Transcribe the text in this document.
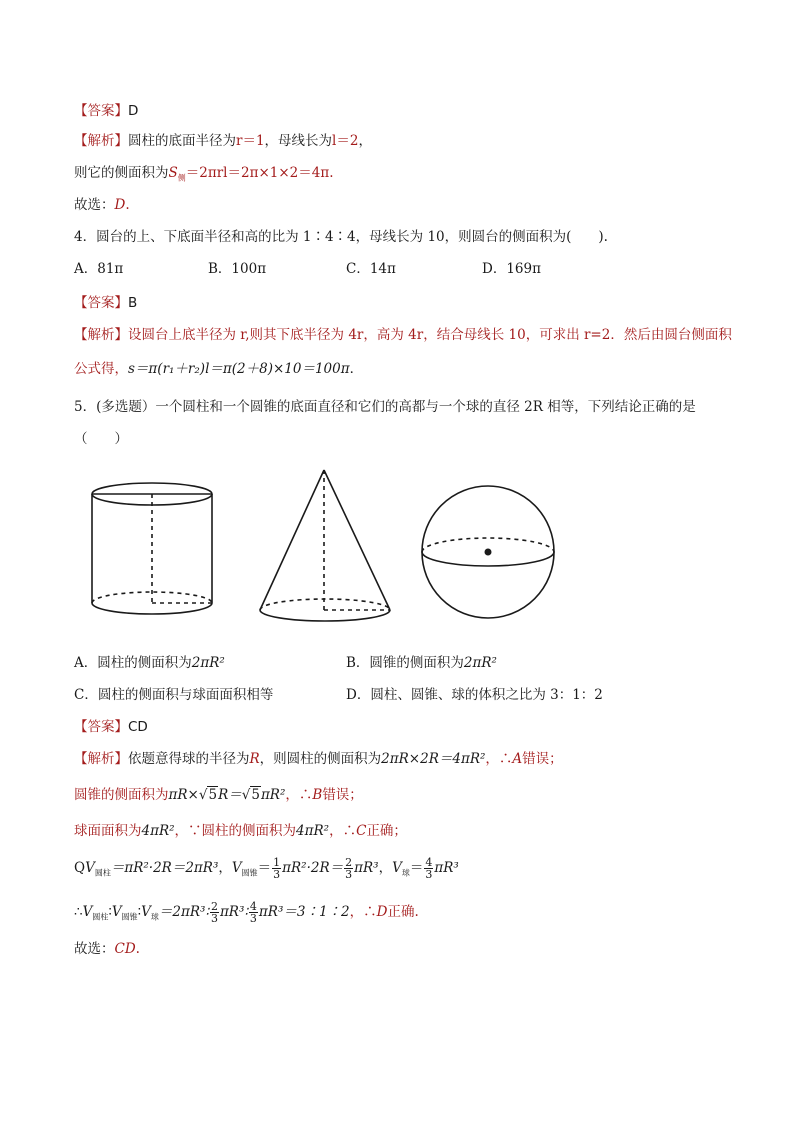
【答案】D
【解析】圆柱的底面半径为r＝1，母线长为l＝2，
则它的侧面积为$S_侧=2\pi rl=2\pi\times 1\times 2=4\pi$.
故选：D.
4．圆台的上、下底面半径和高的比为 1∶4∶4，母线长为 10，则圆台的侧面积为(　　).
A．81π	B．100π	C．14π	D．169π
【答案】B
【解析】设圆台上底半径为 r,则其下底半径为 4r，高为 4r，结合母线长 10，可求出 r=2．然后由圆台侧面积
公式得，s＝π(r₁＋r₂)l＝π(2＋8)×10＝100π．
5．(多选题）一个圆柱和一个圆锥的底面直径和它们的高都与一个球的直径 2R 相等，下列结论正确的是
（　　）
A．圆柱的侧面积为2πR²	B．圆锥的侧面积为2πR²
C．圆柱的侧面积与球面面积相等	D．圆柱、圆锥、球的体积之比为 3：1：2
【答案】CD
【解析】依题意得球的半径为R，则圆柱的侧面积为2πR×2R＝4πR²，∴A错误；
圆锥的侧面积为πR×√5R＝√5πR²，∴B错误；
球面面积为4πR²，∵圆柱的侧面积为4πR²，∴C正确；
$QV_{圆柱}=\pi R^2\cdot 2R=2\pi R^3$，$V_{圆锥}= \frac{1}{3} \pi R^2\cdot 2R= \frac{2}{3} \pi R^3$，$V_球= \frac{4}{3} \pi R^3$
$\therefore V_{圆柱}∶V_{圆锥}∶V_球=2\pi R^3∶ \frac{2}{3}$ πR³∶ $\frac{4}{3}$ πR³＝3∶1∶2，∴D正确.
故选：CD.
